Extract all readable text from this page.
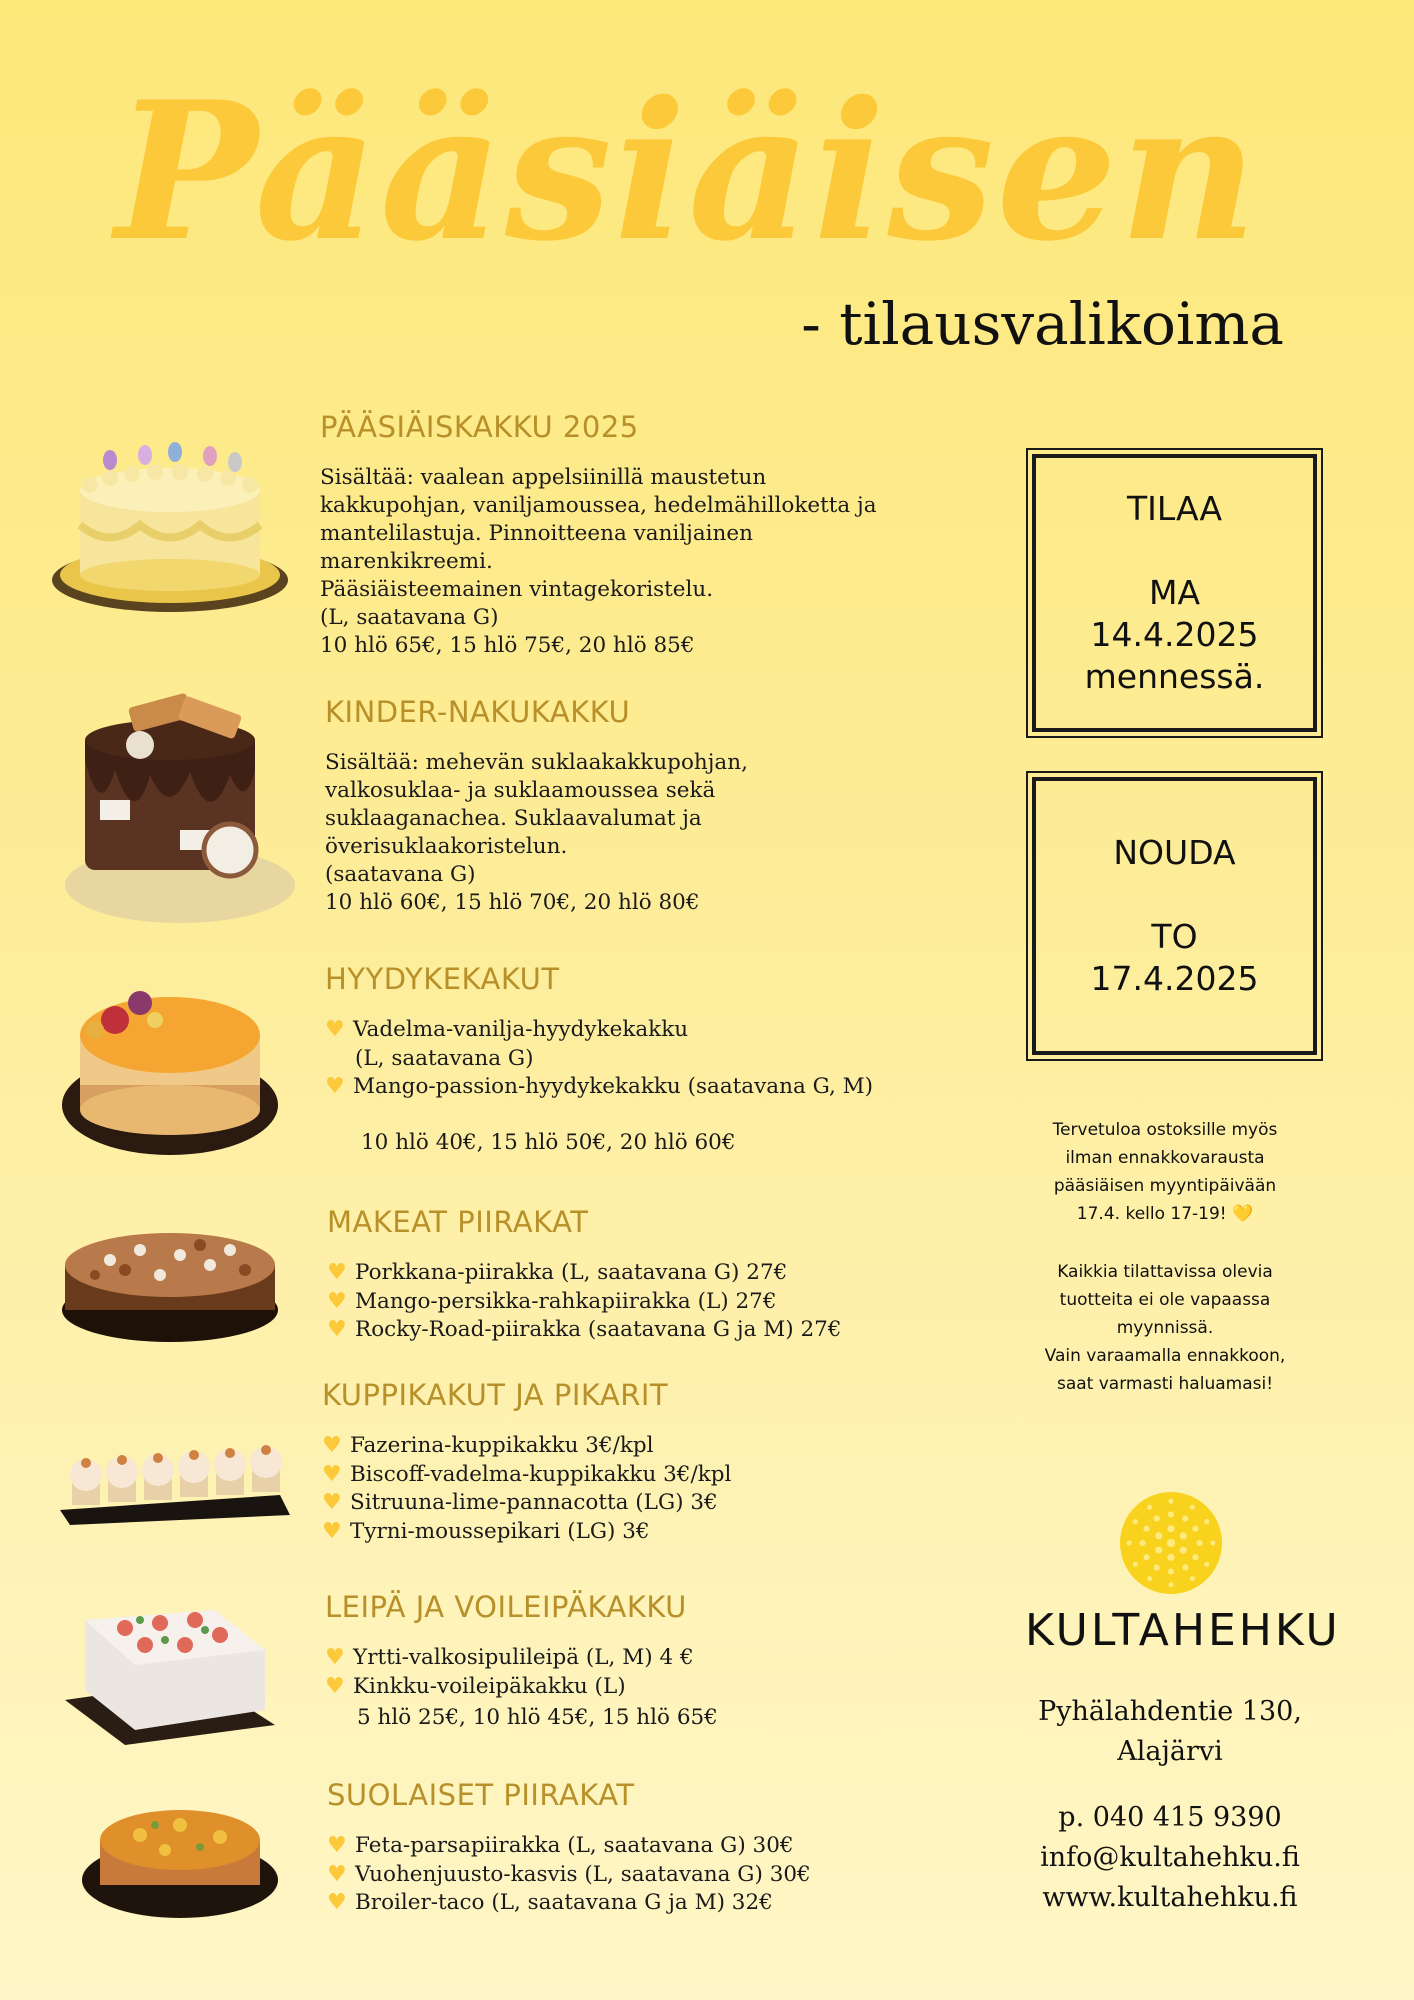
Pääsiäisen
- tilausvalikoima
PÄÄSIÄISKAKKU 2025
Sisältää: vaalean appelsiinillä maustetun
kakkupohjan, vaniljamoussea, hedelmähilloketta ja
mantelilastuja. Pinnoitteena vaniljainen
marenkikreemi.
Pääsiäisteemainen vintagekoristelu.
(L, saatavana G)
10 hlö 65€, 15 hlö 75€, 20 hlö 85€
KINDER-NAKUKAKKU
Sisältää: mehevän suklaakakkupohjan,
valkosuklaa- ja suklaamoussea sekä
suklaaganachea. Suklaavalumat ja
överisuklaakoristelun.
(saatavana G)
10 hlö 60€, 15 hlö 70€, 20 hlö 80€
HYYDYKEKAKUT
♥ Vadelma-vanilja-hyydykekakku
(L, saatavana G)
♥ Mango-passion-hyydykekakku (saatavana G, M)
10 hlö 40€, 15 hlö 50€, 20 hlö 60€
MAKEAT PIIRAKAT
♥ Porkkana-piirakka (L, saatavana G) 27€
♥ Mango-persikka-rahkapiirakka (L) 27€
♥ Rocky-Road-piirakka (saatavana G ja M) 27€
KUPPIKAKUT JA PIKARIT
♥ Fazerina-kuppikakku 3€/kpl
♥ Biscoff-vadelma-kuppikakku 3€/kpl
♥ Sitruuna-lime-pannacotta (LG) 3€
♥ Tyrni-moussepikari (LG) 3€
LEIPÄ JA VOILEIPÄKAKKU
♥ Yrtti-valkosipulileipä (L, M) 4 €
♥ Kinkku-voileipäkakku (L)
5 hlö 25€, 10 hlö 45€, 15 hlö 65€
SUOLAISET PIIRAKAT
♥ Feta-parsapiirakka (L, saatavana G) 30€
♥ Vuohenjuusto-kasvis (L, saatavana G) 30€
♥ Broiler-taco (L, saatavana G ja M) 32€

TILAA

MA

14.4.2025

mennessä.

NOUDA

TO

17.4.2025

Tervetuloa ostoksille myös
ilman ennakkovarausta
pääsiäisen myyntipäivään
17.4. kello 17-19! 💛
Kaikkia tilattavissa olevia
tuotteita ei ole vapaassa
myynnissä.
Vain varaamalla ennakkoon,
saat varmasti haluamasi!
KULTAHEHKU
Pyhälahdentie 130,
Alajärvi
p. 040 415 9390
info@kultahehku.fi
www.kultahehku.fi
